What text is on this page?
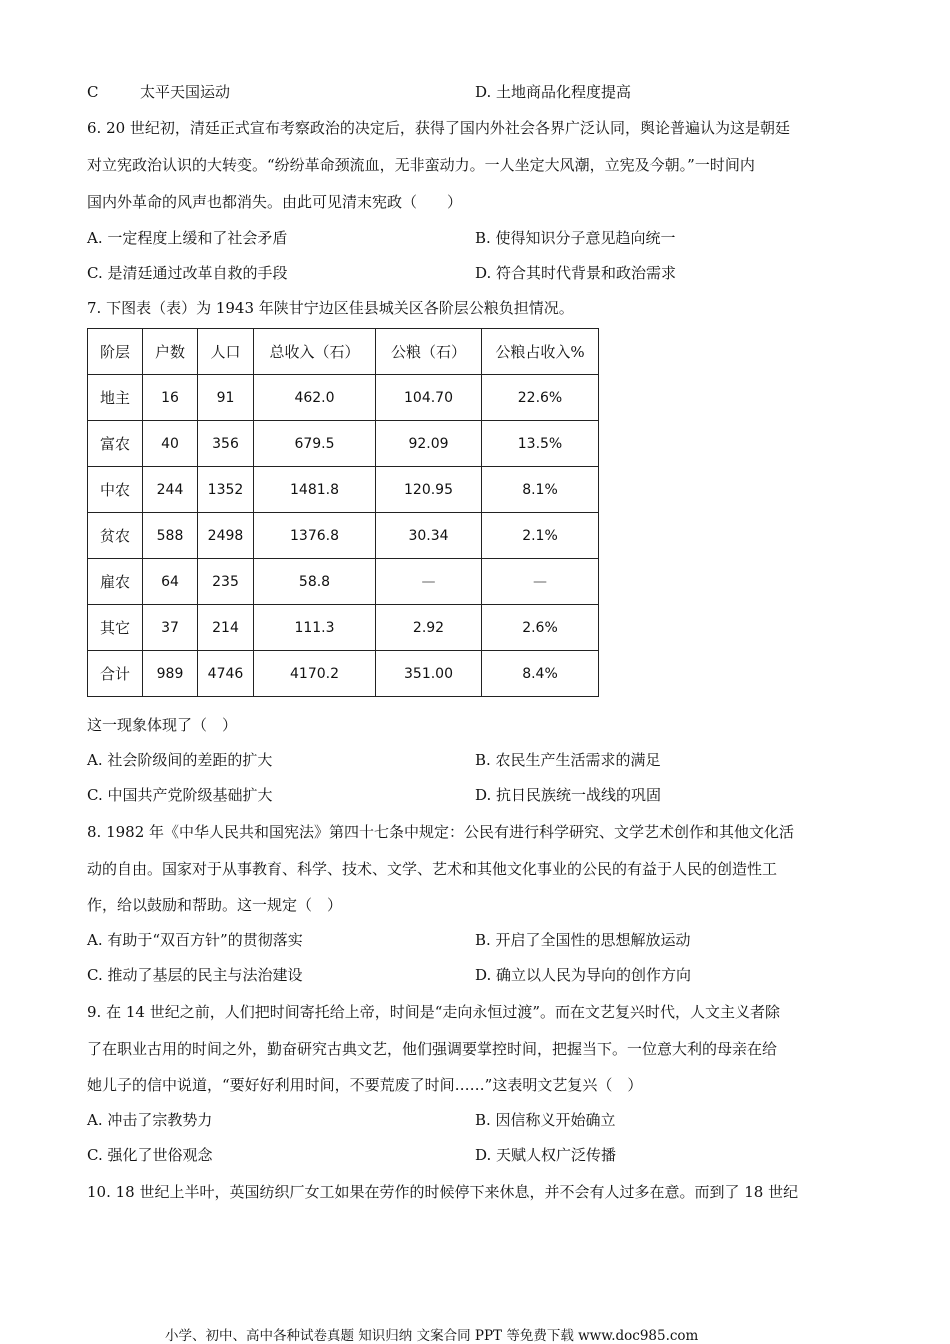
C	太平天国运动	D. 土地商品化程度提高
6. 20 世纪初，清廷正式宣布考察政治的决定后，获得了国内外社会各界广泛认同，舆论普遍认为这是朝廷
对立宪政治认识的大转变。“纷纷革命颈流血，无非蛮动力。一人坐定大风潮，立宪及今朝。”一时间内
国内外革命的风声也都消失。由此可见清末宪政（　　）
A. 一定程度上缓和了社会矛盾	B. 使得知识分子意见趋向统一
C. 是清廷通过改革自救的手段	D. 符合其时代背景和政治需求
7. 下图表（表）为 1943 年陕甘宁边区佳县城关区各阶层公粮负担情况。
阶层	户数	人口	总收入（石）	公粮（石）	公粮占收入%
地主	16	91	462.0	104.70	22.6%
富农	40	356	679.5	92.09	13.5%
中农	244	1352	1481.8	120.95	8.1%
贫农	588	2498	1376.8	30.34	2.1%
雇农	64	235	58.8	—	—
其它	37	214	111.3	2.92	2.6%
合计	989	4746	4170.2	351.00	8.4%
这一现象体现了（　）
A. 社会阶级间的差距的扩大	B. 农民生产生活需求的满足
C. 中国共产党阶级基础扩大	D. 抗日民族统一战线的巩固
8. 1982 年《中华人民共和国宪法》第四十七条中规定：公民有进行科学研究、文学艺术创作和其他文化活
动的自由。国家对于从事教育、科学、技术、文学、艺术和其他文化事业的公民的有益于人民的创造性工
作，给以鼓励和帮助。这一规定（　）
A. 有助于“双百方针”的贯彻落实	B. 开启了全国性的思想解放运动
C. 推动了基层的民主与法治建设	D. 确立以人民为导向的创作方向
9. 在 14 世纪之前，人们把时间寄托给上帝，时间是“走向永恒过渡”。而在文艺复兴时代，人文主义者除
了在职业古用的时间之外，勤奋研究古典文艺，他们强调要掌控时间，把握当下。一位意大利的母亲在给
她儿子的信中说道，“要好好利用时间，不要荒废了时间……”这表明文艺复兴（　）
A. 冲击了宗教势力	B. 因信称义开始确立
C. 强化了世俗观念	D. 天赋人权广泛传播
10. 18 世纪上半叶，英国纺织厂女工如果在劳作的时候停下来休息，并不会有人过多在意。而到了 18 世纪
小学、初中、高中各种试卷真题 知识归纳 文案合同 PPT 等免费下载 www.doc985.com
